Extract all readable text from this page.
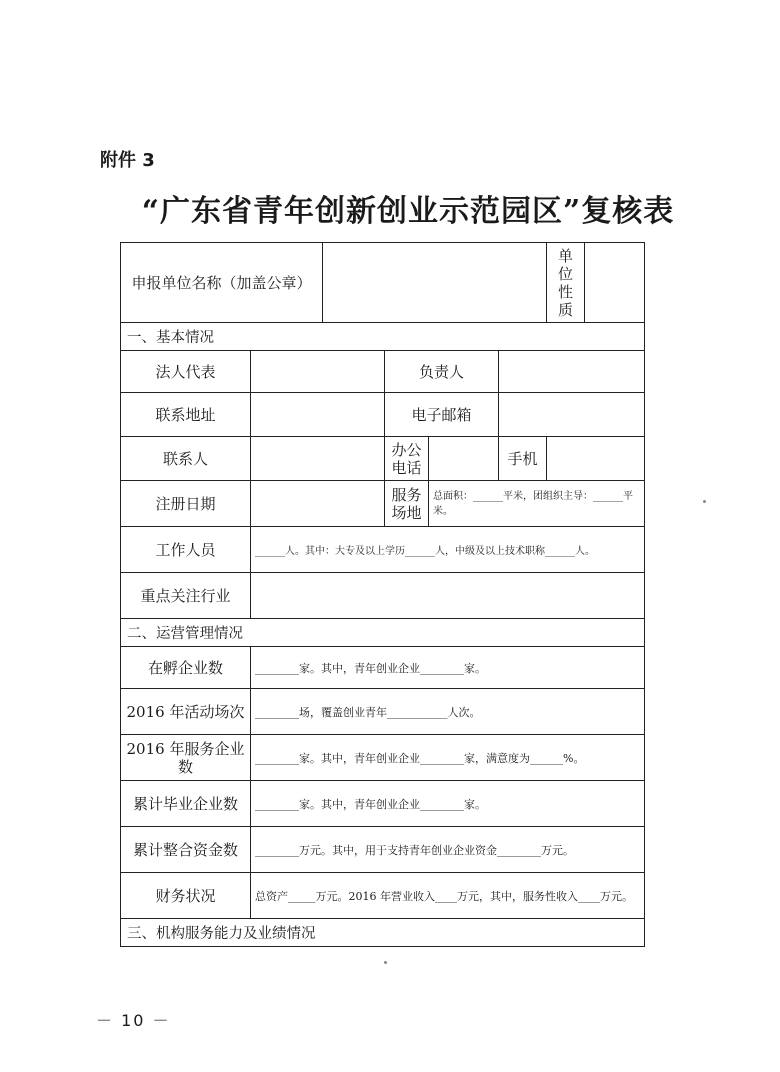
附件 3
“广东省青年创新创业示范园区”复核表
申报单位名称（加盖公章）						单位性质	
一、基本情况							
法人代表			负责人				
联系地址			电子邮箱				
联系人			办公电话		手机		
注册日期			服务场地	总面积：______平米，团组织主导：______平米。			
工作人员	______人。其中：大专及以上学历______人，中级及以上技术职称______人。						
重点关注行业							
二、运营管理情况							
在孵企业数	________家。其中，青年创业企业________家。						
2016 年活动场次	________场，覆盖创业青年___________人次。						
2016 年服务企业数	________家。其中，青年创业企业________家，满意度为______%。						
累计毕业企业数	________家。其中，青年创业企业________家。						
累计整合资金数	________万元。其中，用于支持青年创业企业资金________万元。						
财务状况	总资产_____万元。2016 年营业收入____万元，其中，服务性收入____万元。						
三、机构服务能力及业绩情况							
－ 10 －
